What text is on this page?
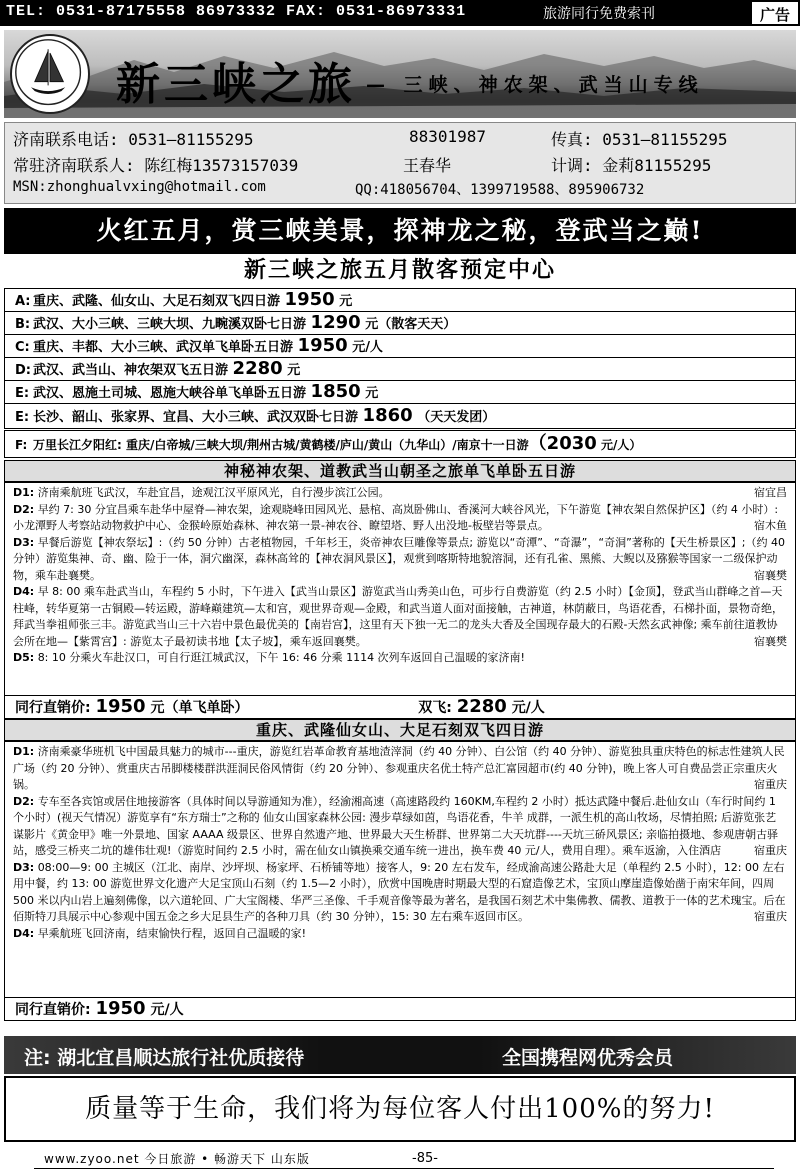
TEL: 0531-87175558 86973332 FAX: 0531-86973331	旅游同行免费索刊	广告
新三峡之旅 — 三峡、神农架、武当山专线
济南联系电话: 0531—81155295	88301987	传真: 0531—81155295
常驻济南联系人: 陈红梅13573157039	王春华	计调: 金莉81155295
MSN:zhonghualvxing@hotmail.com	QQ:418056704、1399719588、895906732
火红五月，赏三峡美景，探神龙之秘，登武当之巅!
新三峡之旅五月散客预定中心
A: 重庆、武隆、仙女山、大足石刻双飞四日游 1950 元
B: 武汉、大小三峡、三峡大坝、九畹溪双卧七日游 1290 元（散客天天）
C: 重庆、丰都、大小三峡、武汉单飞单卧五日游 1950 元/人
D: 武汉、武当山、神农架双飞五日游 2280 元
E: 武汉、恩施土司城、恩施大峡谷单飞单卧五日游 1850 元
E: 长沙、韶山、张家界、宜昌、大小三峡、武汉双卧七日游 1860 （天天发团）
F: 万里长江夕阳红: 重庆/白帝城/三峡大坝/荆州古城/黄鹤楼/庐山/黄山（九华山）/南京十一日游（2030 元/人）
神秘神农架、道教武当山朝圣之旅单飞单卧五日游

D1: 济南乘航班飞武汉，车赴宜昌，途观江汉平原风光，自行漫步滨江公园。	宿宜昌

D2: 早约 7: 30 分宜昌乘车赴华中屋脊—神农架，途观晓峰田园风光、悬棺、高岚卧佛山、香溪河大峡谷风光，下午游览【神农架自然保护区】（约 4 小时）: 小龙潭野人考察站动物救护中心、金猴岭原始森林、神农第一景-神农谷、瞭望塔、野人出没地-板壁岩等景点。	宿木鱼

D3: 早餐后游览【神农祭坛】:（约 50 分钟）古老植物园，千年杉王，炎帝神农巨雕像等景点; 游览以“奇潭”、“奇瀑”，“奇洞”著称的【天生桥景区】;（约 40 分钟）游览集神、奇、幽、险于一体，洞穴幽深，森林高耸的【神农洞风景区】，观赏到喀斯特地貌溶洞，还有孔雀、黑熊、大鲵以及猕猴等国家一二级保护动物，乘车赴襄樊。	宿襄樊

D4: 早 8: 00 乘车赴武当山，车程约 5 小时，下午进入【武当山景区】游览武当山秀美山色，可步行自费游览（约 2.5 小时）【金顶】，登武当山群峰之首—天柱峰，转华夏第一古铜殿—转运殿，游峰巅建筑—太和宫，观世界奇观—金殿，和武当道人面对面接触，古神道，林荫蔽日，鸟语花香，石梯扑面，景物奇绝，拜武当拳祖师张三丰。游览武当山三十六岩中景色最优美的【南岩宫】，这里有天下独一无二的龙头大香及全国现存最大的石殿-天然玄武神像; 乘车前往道教协会所在地—【紫霄宫】: 游览太子最初读书地【太子坡】，乘车返回襄樊。	宿襄樊

D5: 8: 10 分乘火车赴汉口，可自行逛江城武汉，下午 16: 46 分乘 1114 次列车返回自己温暖的家济南!

同行直销价: 1950 元（单飞单卧）	双飞: 2280 元/人
重庆、武隆仙女山、大足石刻双飞四日游

D1: 济南乘豪华班机飞中国最具魅力的城市---重庆，游览红岩革命教育基地渣滓洞（约 40 分钟）、白公馆（约 40 分钟）、游览独具重庆特色的标志性建筑人民广场（约 20 分钟）、赏重庆古吊脚楼楼群洪涯洞民俗风情街（约 20 分钟）、参观重庆名优土特产总汇富园超市(约 40 分钟)，晚上客人可自费品尝正宗重庆火锅。	宿重庆

D2: 专车至各宾馆或居住地接游客（具体时间以导游通知为准），经渝湘高速（高速路段约 160KM,车程约 2 小时）抵达武隆中餐后.赴仙女山（车行时间约 1 个小时）(视天气情况）游览享有“东方瑞士”之称的 仙女山国家森林公园: 漫步草绿如茵，鸟语花香，牛羊 成群，一派生机的高山牧场，尽情拍照; 后游览张艺谋影片《黄金甲》唯一外景地、国家 AAAA 级景区、世界自然遗产地、世界最大天生桥群、世界第二大天坑群----天坑三硚风景区; 亲临拍摄地、参观唐朝古驿站，感受三桥夹二坑的雄伟壮观!（游览时间约 2.5 小时，需在仙女山镇换乘交通车统一进出，换车费 40 元/人，费用自理）。乘车返渝，入住酒店	宿重庆

D3: 08:00—9: 00 主城区（江北、南岸、沙坪坝、杨家坪、石桥铺等地）接客人，9: 20 左右发车，经成渝高速公路赴大足（单程约 2.5 小时），12: 00 左右用中餐，约 13: 00 游览世界文化遗产大足宝顶山石刻（约 1.5—2 小时），欣赏中国晚唐时期最大型的石窟造像艺术，宝顶山摩崖造像始凿于南宋年间，四周 500 米以内山岩上遍刻佛像，以六道轮回、广大宝阁楼、华严三圣像、千手观音像等最为著名，是我国石刻艺术中集佛教、儒教、道教于一体的艺术瑰宝。后在佰斯特刀具展示中心参观中国五金之乡大足县生产的各种刀具（约 30 分钟），15: 30 左右乘车返回市区。	宿重庆

D4: 早乘航班飞回济南，结束愉快行程，返回自己温暖的家!

同行直销价: 1950 元/人
注: 湖北宜昌顺达旅行社优质接待	全国携程网优秀会员
质量等于生命，我们将为每位客人付出100%的努力!
www.zyoo.net 今日旅游 • 畅游天下 山东版	-85-
